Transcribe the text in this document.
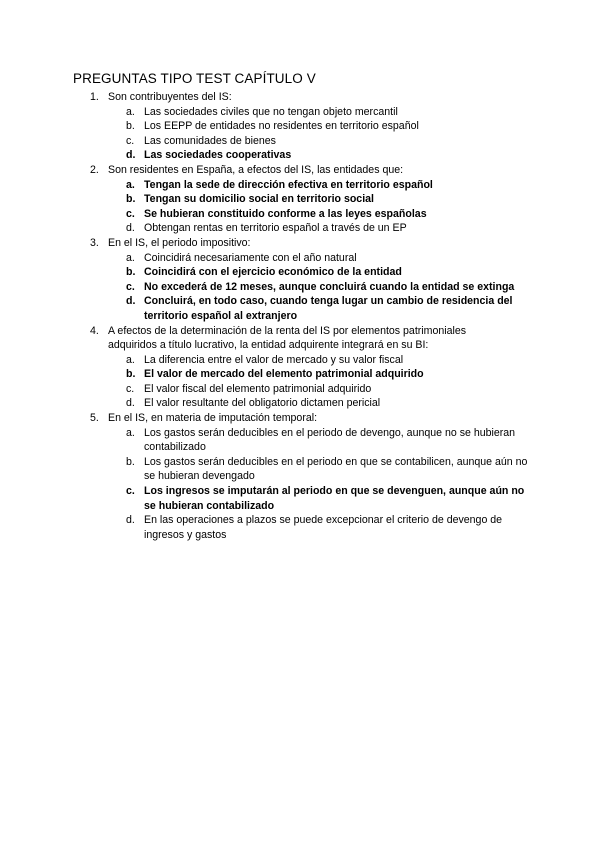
PREGUNTAS TIPO TEST CAPÍTULO V
1. Son contribuyentes del IS:
a. Las sociedades civiles que no tengan objeto mercantil
b. Los EEPP de entidades no residentes en territorio español
c. Las comunidades de bienes
d. Las sociedades cooperativas
2. Son residentes en España, a efectos del IS, las entidades que:
a. Tengan la sede de dirección efectiva en territorio español
b. Tengan su domicilio social en territorio social
c. Se hubieran constituido conforme a las leyes españolas
d. Obtengan rentas en territorio español a través de un EP
3. En el IS, el periodo impositivo:
a. Coincidirá necesariamente con el año natural
b. Coincidirá con el ejercicio económico de la entidad
c. No excederá de 12 meses, aunque concluirá cuando la entidad se extinga
d. Concluirá, en todo caso, cuando tenga lugar un cambio de residencia del territorio español al extranjero
4. A efectos de la determinación de la renta del IS por elementos patrimoniales adquiridos a título lucrativo, la entidad adquirente integrará en su BI:
a. La diferencia entre el valor de mercado y su valor fiscal
b. El valor de mercado del elemento patrimonial adquirido
c. El valor fiscal del elemento patrimonial adquirido
d. El valor resultante del obligatorio dictamen pericial
5. En el IS, en materia de imputación temporal:
a. Los gastos serán deducibles en el periodo de devengo, aunque no se hubieran contabilizado
b. Los gastos serán deducibles en el periodo en que se contabilicen, aunque aún no se hubieran devengado
c. Los ingresos se imputarán al periodo en que se devenguen, aunque aún no se hubieran contabilizado
d. En las operaciones a plazos se puede excepcionar el criterio de devengo de ingresos y gastos
